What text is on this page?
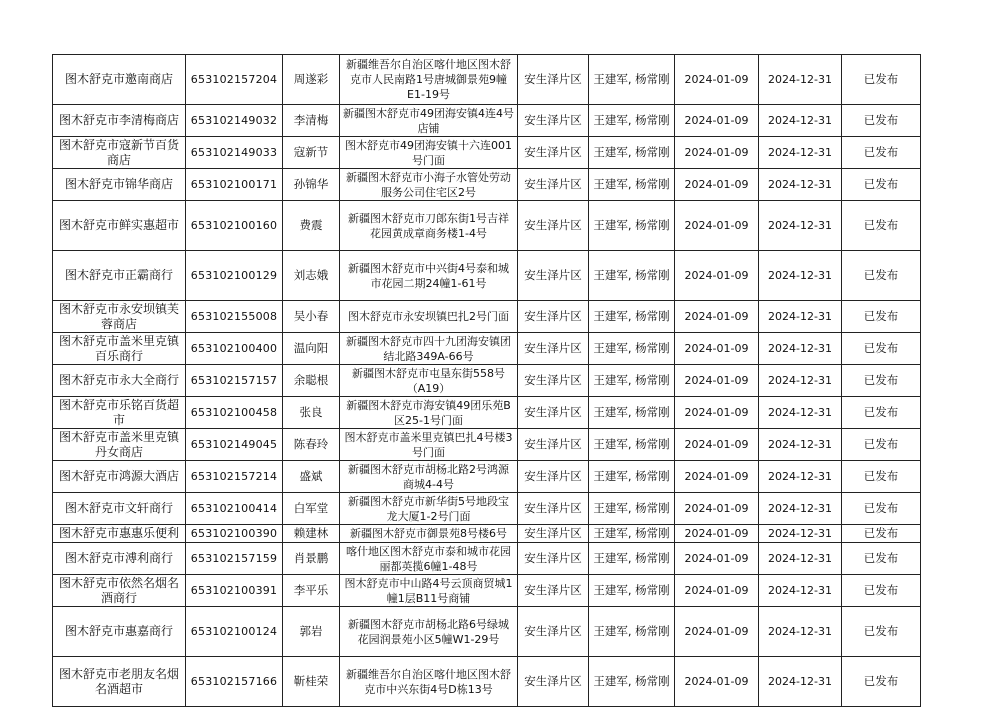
图木舒克市邀南商店	653102157204	周遂彩	新疆维吾尔自治区喀什地区图木舒克市人民南路1号唐城御景苑9幢E1-19号	安生泽片区	王建军, 杨常刚	2024-01-09	2024-12-31	已发布
图木舒克市李清梅商店	653102149032	李清梅	新疆图木舒克市49团海安镇4连4号店铺	安生泽片区	王建军, 杨常刚	2024-01-09	2024-12-31	已发布
图木舒克市寇新节百货商店	653102149033	寇新节	图木舒克市49团海安镇十六连001号门面	安生泽片区	王建军, 杨常刚	2024-01-09	2024-12-31	已发布
图木舒克市锦华商店	653102100171	孙锦华	新疆图木舒克市小海子水管处劳动服务公司住宅区2号	安生泽片区	王建军, 杨常刚	2024-01-09	2024-12-31	已发布
图木舒克市鲜实惠超市	653102100160	费震	新疆图木舒克市刀郎东街1号吉祥花园黄成章商务楼1-4号	安生泽片区	王建军, 杨常刚	2024-01-09	2024-12-31	已发布
图木舒克市正霸商行	653102100129	刘志娥	新疆图木舒克市中兴街4号泰和城市花园二期24幢1-61号	安生泽片区	王建军, 杨常刚	2024-01-09	2024-12-31	已发布
图木舒克市永安坝镇芙蓉商店	653102155008	吴小春	图木舒克市永安坝镇巴扎2号门面	安生泽片区	王建军, 杨常刚	2024-01-09	2024-12-31	已发布
图木舒克市盖米里克镇百乐商行	653102100400	温向阳	新疆图木舒克市四十九团海安镇团结北路349A-66号	安生泽片区	王建军, 杨常刚	2024-01-09	2024-12-31	已发布
图木舒克市永大全商行	653102157157	余聪根	新疆图木舒克市屯垦东街558号（A19）	安生泽片区	王建军, 杨常刚	2024-01-09	2024-12-31	已发布
图木舒克市乐铭百货超市	653102100458	张良	新疆图木舒克市海安镇49团乐苑B区25-1号门面	安生泽片区	王建军, 杨常刚	2024-01-09	2024-12-31	已发布
图木舒克市盖米里克镇丹女商店	653102149045	陈春玲	图木舒克市盖米里克镇巴扎4号楼3号门面	安生泽片区	王建军, 杨常刚	2024-01-09	2024-12-31	已发布
图木舒克市鸿源大酒店	653102157214	盛斌	新疆图木舒克市胡杨北路2号鸿源商城4-4号	安生泽片区	王建军, 杨常刚	2024-01-09	2024-12-31	已发布
图木舒克市文轩商行	653102100414	白军堂	新疆图木舒克市新华街5号地段宝龙大厦1-2号门面	安生泽片区	王建军, 杨常刚	2024-01-09	2024-12-31	已发布
图木舒克市惠惠乐便利	653102100390	赖建林	新疆图木舒克市御景苑8号楼6号	安生泽片区	王建军, 杨常刚	2024-01-09	2024-12-31	已发布
图木舒克市溥利商行	653102157159	肖景鹏	喀什地区图木舒克市泰和城市花园丽都英揽6幢1-48号	安生泽片区	王建军, 杨常刚	2024-01-09	2024-12-31	已发布
图木舒克市依然名烟名酒商行	653102100391	李平乐	图木舒克市中山路4号云顶商贸城1幢1层B11号商铺	安生泽片区	王建军, 杨常刚	2024-01-09	2024-12-31	已发布
图木舒克市惠嘉商行	653102100124	郭岩	新疆图木舒克市胡杨北路6号绿城花园润景苑小区5幢W1-29号	安生泽片区	王建军, 杨常刚	2024-01-09	2024-12-31	已发布
图木舒克市老朋友名烟名酒超市	653102157166	靳桂荣	新疆维吾尔自治区喀什地区图木舒克市中兴东街4号D栋13号	安生泽片区	王建军, 杨常刚	2024-01-09	2024-12-31	已发布
